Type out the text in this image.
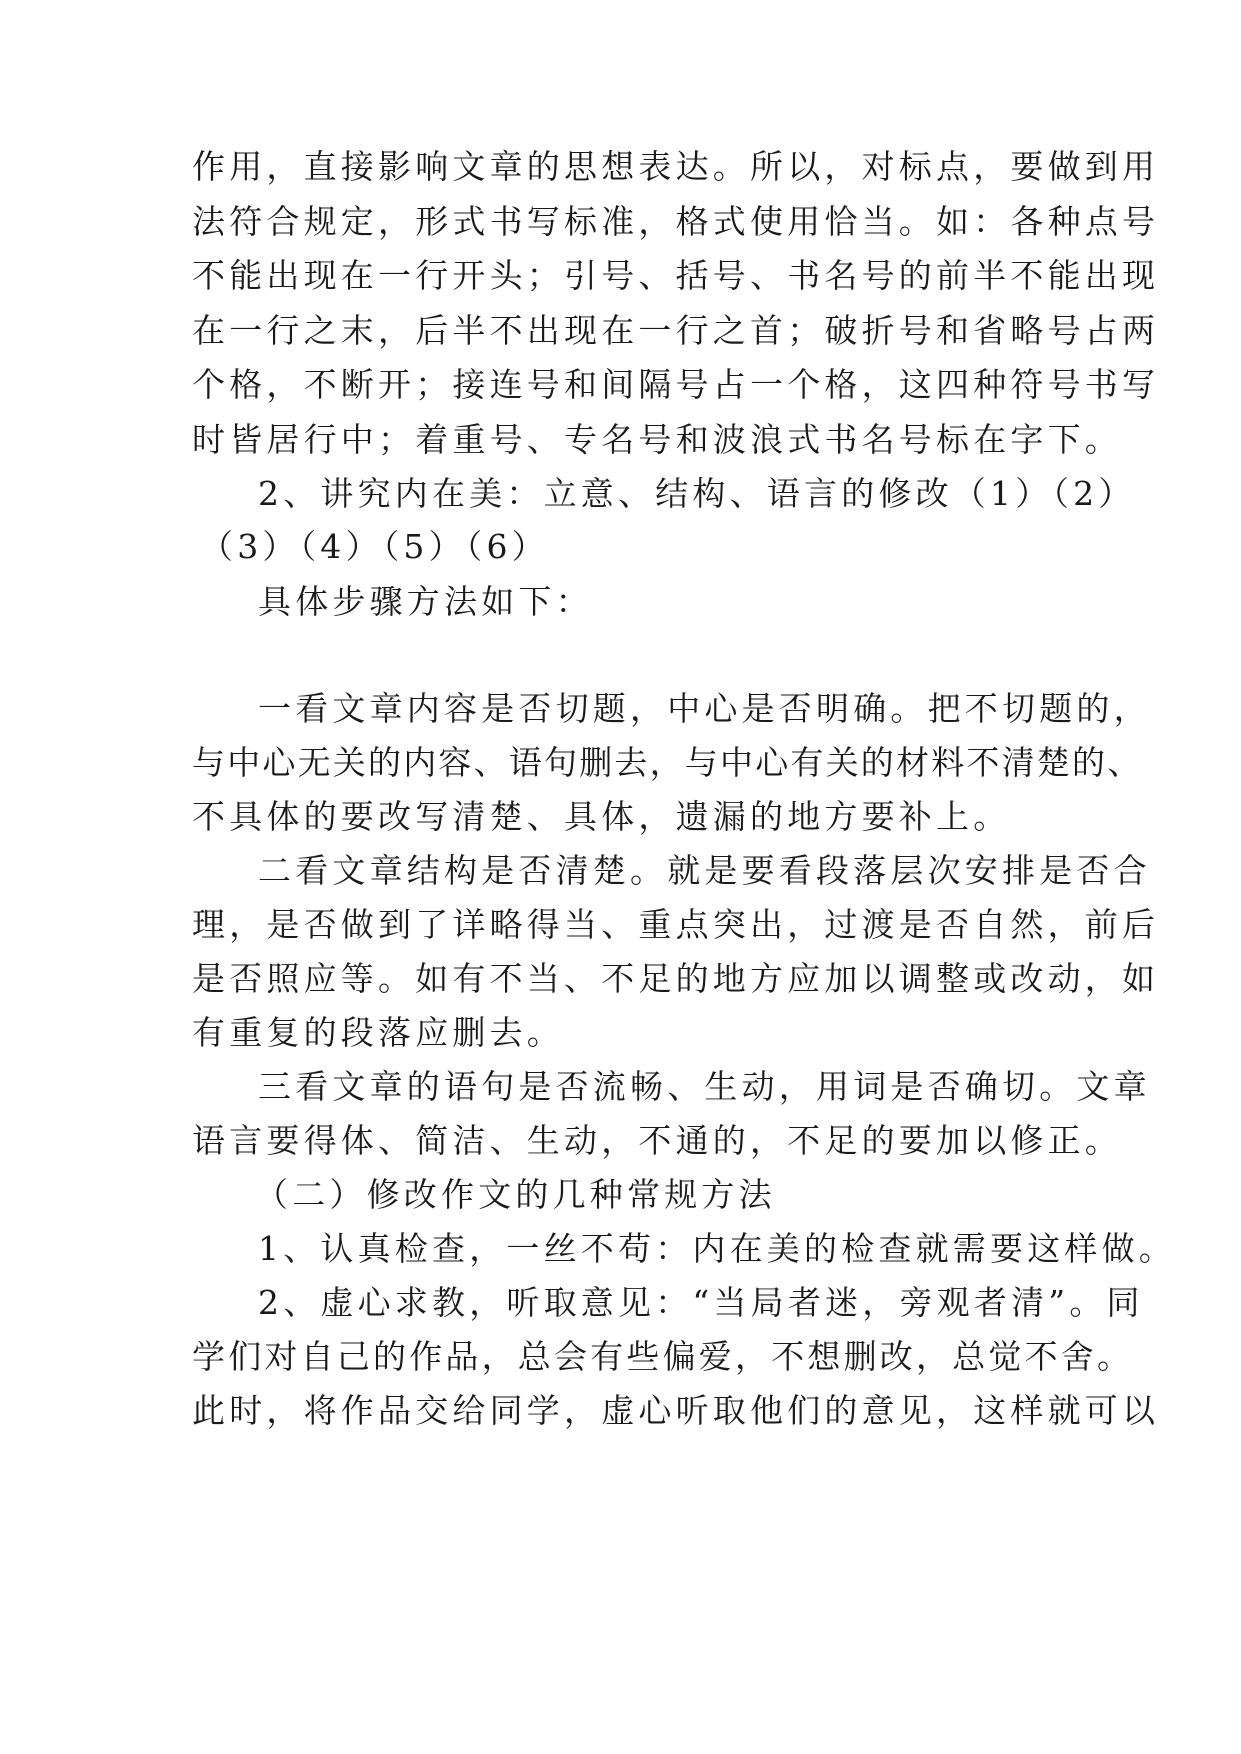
作用，直接影响文章的思想表达。所以，对标点，要做到用
法符合规定，形式书写标准，格式使用恰当。如：各种点号
不能出现在一行开头；引号、括号、书名号的前半不能出现
在一行之末，后半不出现在一行之首；破折号和省略号占两
个格，不断开；接连号和间隔号占一个格，这四种符号书写
时皆居行中；着重号、专名号和波浪式书名号标在字下。
2、讲究内在美：立意、结构、语言的修改（1）（2）
（3）（4）（5）（6）
具体步骤方法如下：
一看文章内容是否切题，中心是否明确。把不切题的，
与中心无关的内容、语句删去，与中心有关的材料不清楚的、
不具体的要改写清楚、具体，遗漏的地方要补上。
二看文章结构是否清楚。就是要看段落层次安排是否合
理，是否做到了详略得当、重点突出，过渡是否自然，前后
是否照应等。如有不当、不足的地方应加以调整或改动，如
有重复的段落应删去。
三看文章的语句是否流畅、生动，用词是否确切。文章
语言要得体、简洁、生动，不通的，不足的要加以修正。
（二）修改作文的几种常规方法
1、认真检查，一丝不苟：内在美的检查就需要这样做。
2、虚心求教，听取意见：“当局者迷，旁观者清”。同
学们对自己的作品，总会有些偏爱，不想删改，总觉不舍。
此时，将作品交给同学，虚心听取他们的意见，这样就可以
